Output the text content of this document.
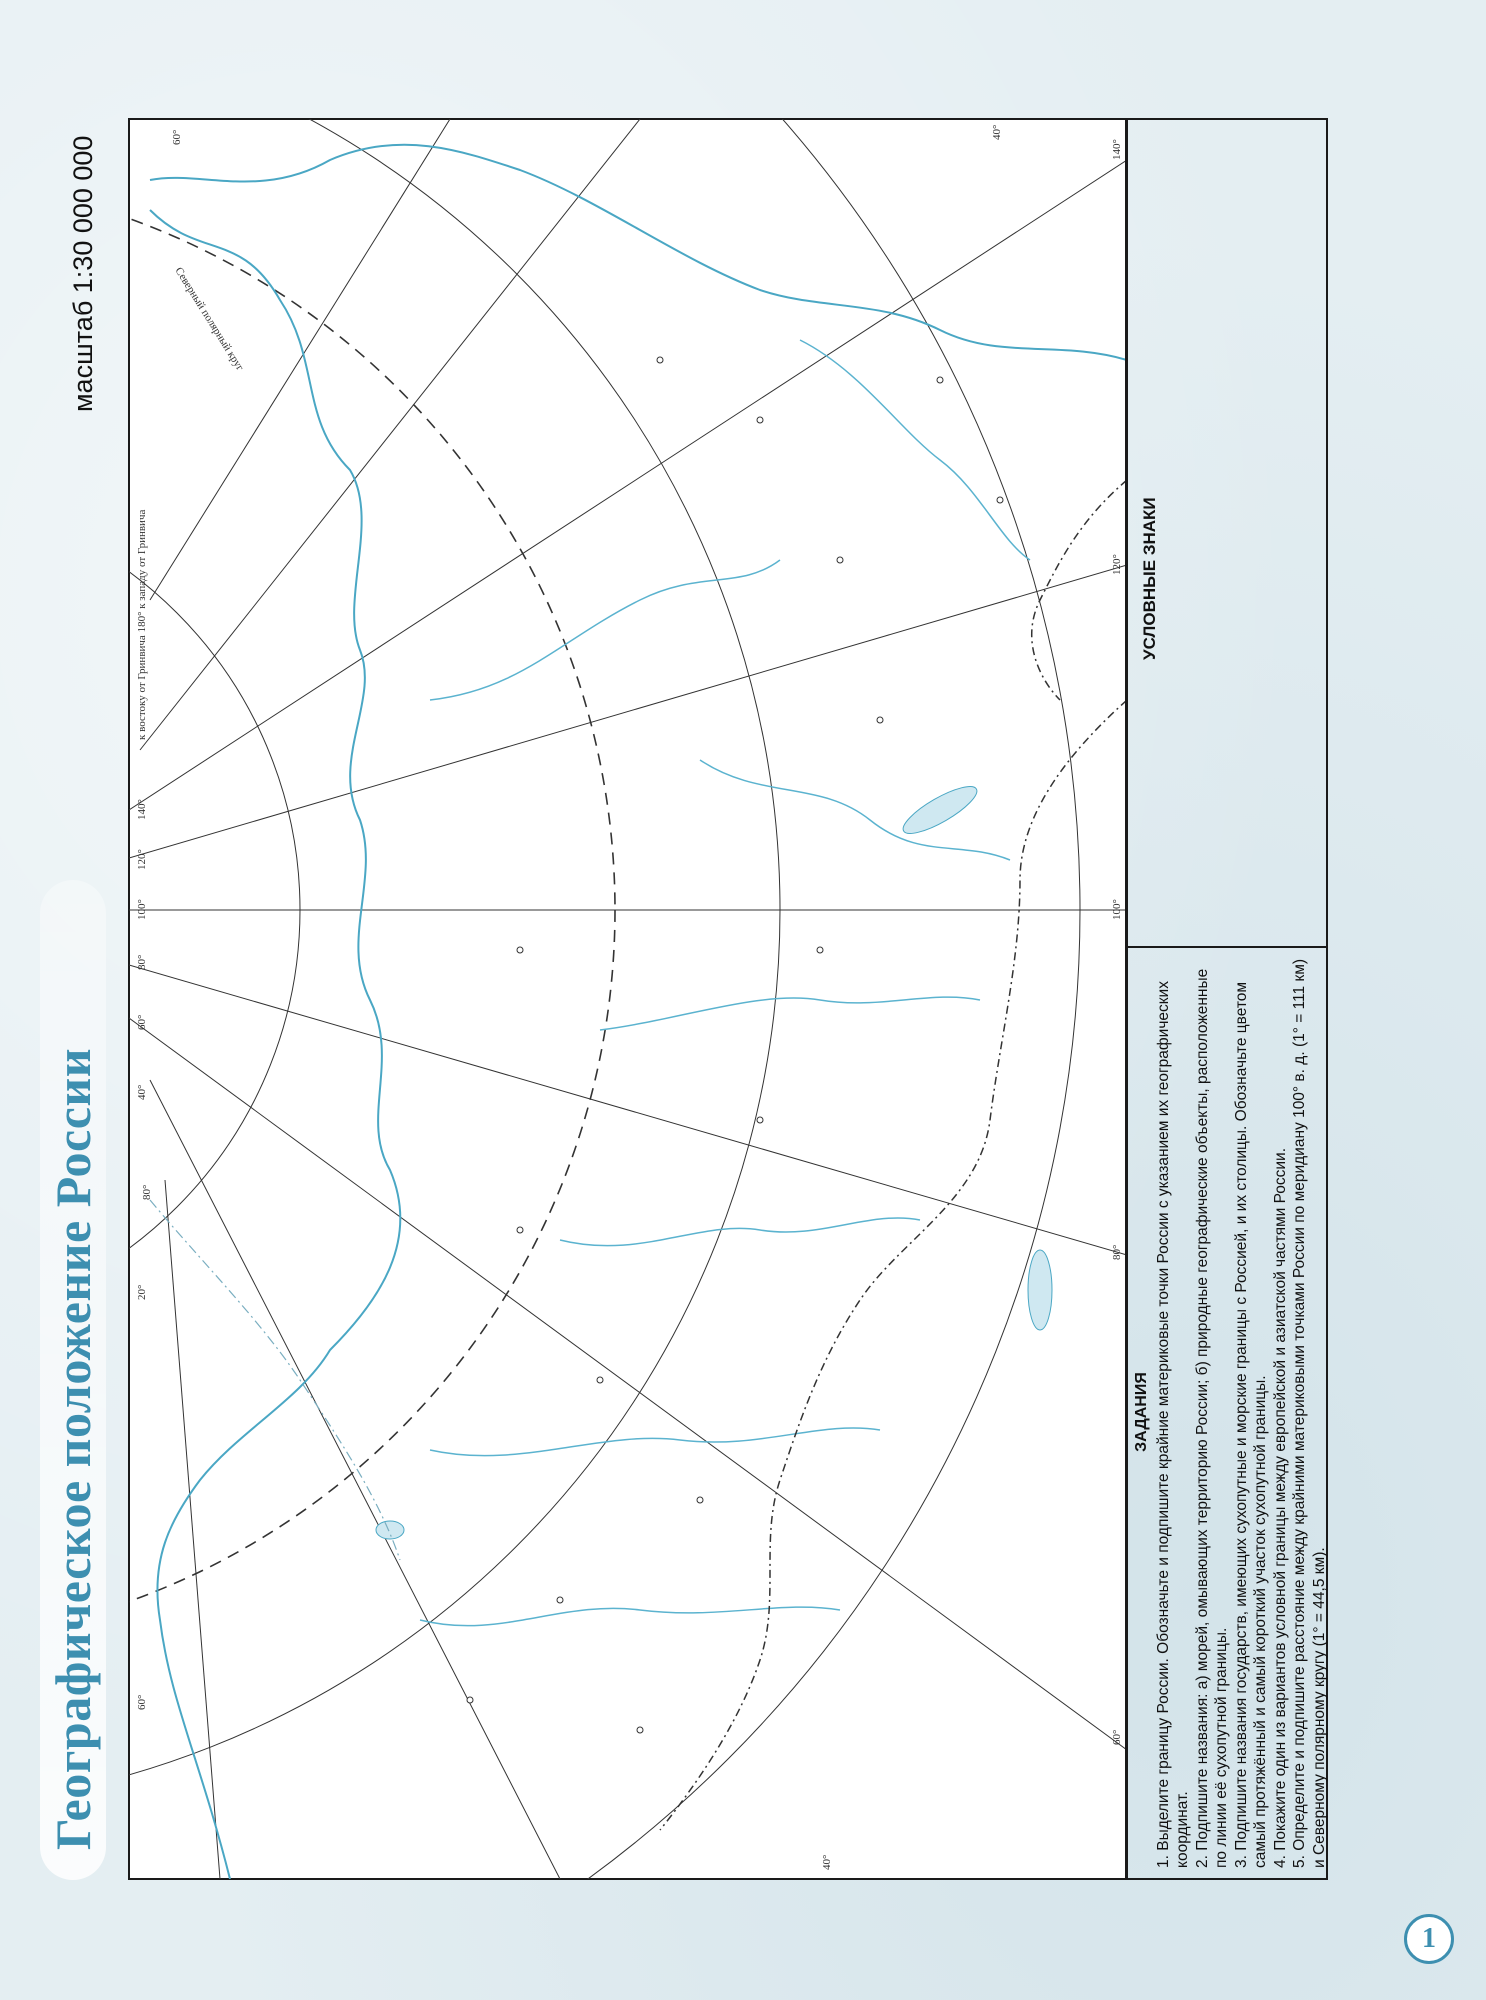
60°	40°
140°
120°
100°
80°
60°
40°
20°
60°
140°
120°
100°
80°
60°
40°
80°
Северный полярный круг
к востоку от Гринвича 180° к западу от Гринвича
Географическое положение России
масштаб 1:30 000 000
УСЛОВНЫЕ ЗНАКИ
ЗАДАНИЯ 1. Выделите границу России. Обозначьте и подпишите крайние материковые точки России с указанием их географических координат. 2. Подпишите названия: а) морей, омывающих территорию России; б) природные географические объекты, расположенные по линии её сухопутной границы. 3. Подпишите названия государств, имеющих сухопутные и морские границы с Россией, и их столицы. Обозначьте цветом самый протяжённый и самый короткий участок сухопутной границы. 4. Покажите один из вариантов условной границы между европейской и азиатской частями России. 5. Определите и подпишите расстояние между крайними материковыми точками России по меридиану 100° в. д. (1° = 111 км) и Северному полярному кругу (1° = 44,5 км).

1
